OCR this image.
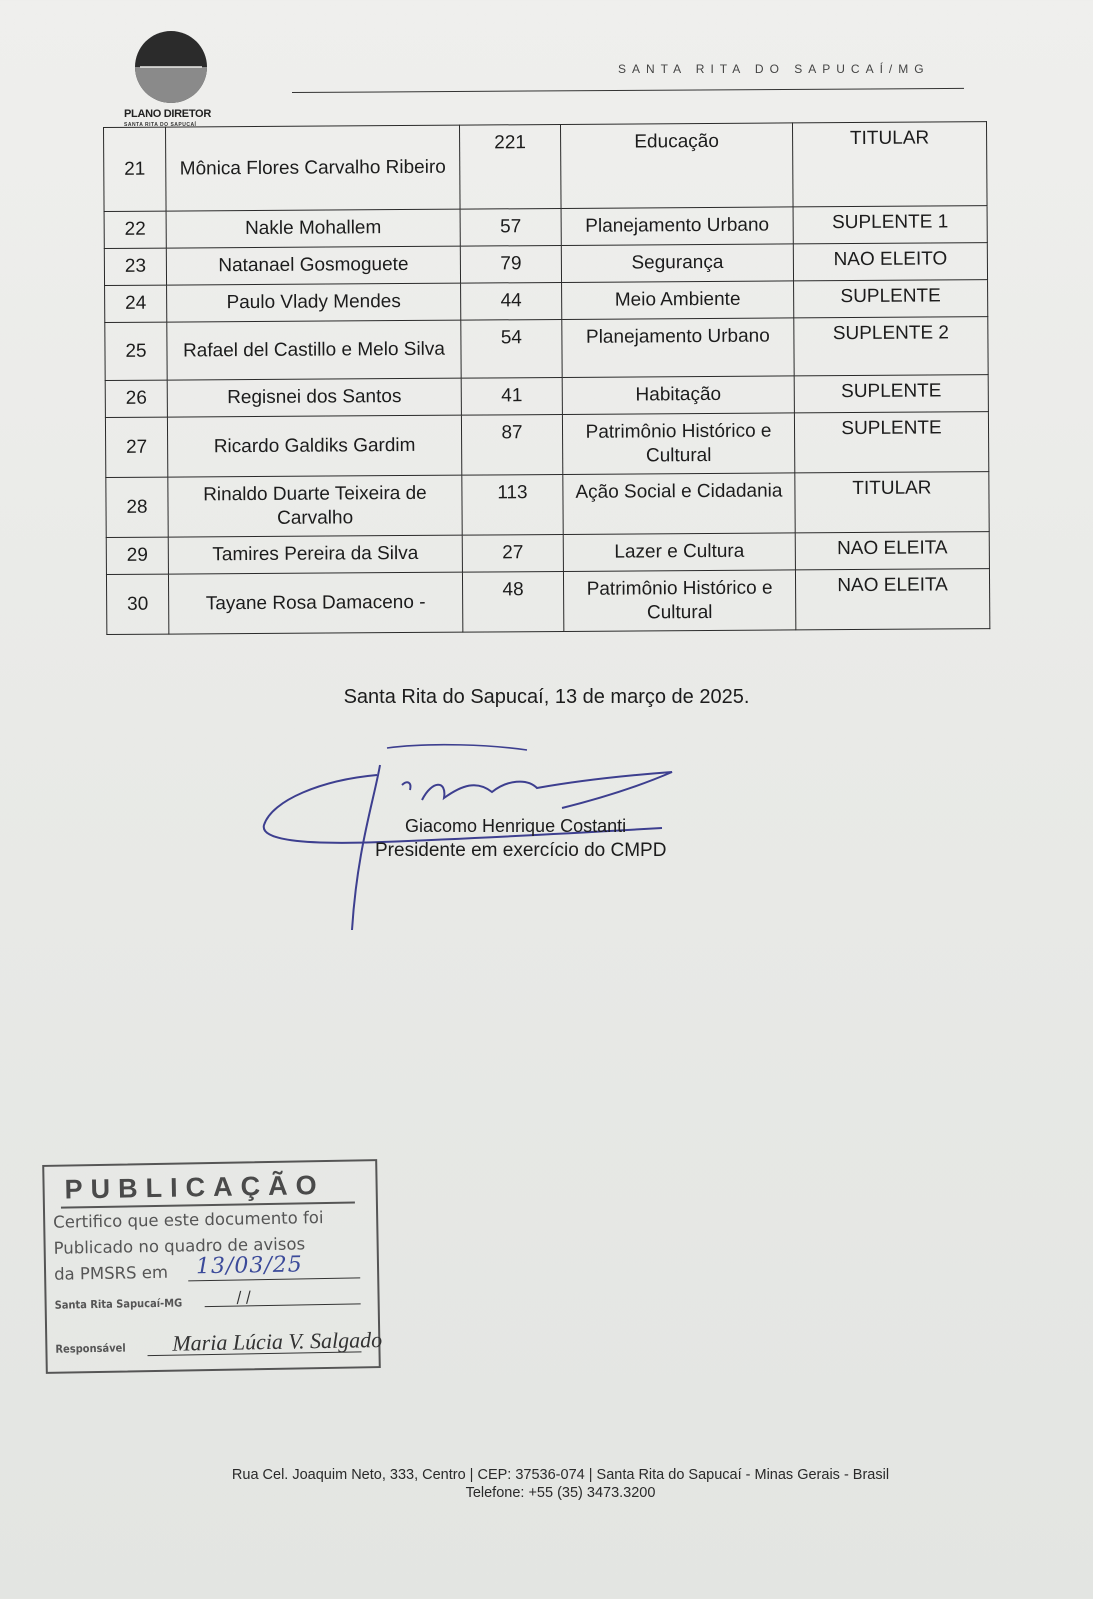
PLANO DIRETOR
SANTA RITA DO SAPUCAÍ
SANTA RITA DO SAPUCAÍ/MG
21	Mônica Flores Carvalho Ribeiro	221	Educação	TITULAR
22	Nakle Mohallem	57	Planejamento Urbano	SUPLENTE 1
23	Natanael Gosmoguete	79	Segurança	NAO ELEITO
24	Paulo Vlady Mendes	44	Meio Ambiente	SUPLENTE
25	Rafael del Castillo e Melo Silva	54	Planejamento Urbano	SUPLENTE 2
26	Regisnei dos Santos	41	Habitação	SUPLENTE
27	Ricardo Galdiks Gardim	87	Patrimônio Histórico e Cultural	SUPLENTE
28	Rinaldo Duarte Teixeira de Carvalho	113	Ação Social e Cidadania	TITULAR
29	Tamires Pereira da Silva	27	Lazer e Cultura	NAO ELEITA
30	Tayane Rosa Damaceno -	48	Patrimônio Histórico e Cultural	NAO ELEITA
Santa Rita do Sapucaí, 13 de março de 2025.
Giacomo Henrique Costanti
Presidente em exercício do CMPD
PUBLICAÇÃO
Certifico que este documento foi
Publicado no quadro de avisos
da PMSRS em 13/03/25
Santa Rita Sapucaí-MG	/ /
Responsável Maria Lúcia V. Salgado
Rua Cel. Joaquim Neto, 333, Centro | CEP: 37536-074 | Santa Rita do Sapucaí - Minas Gerais - Brasil
Telefone: +55 (35) 3473.3200
